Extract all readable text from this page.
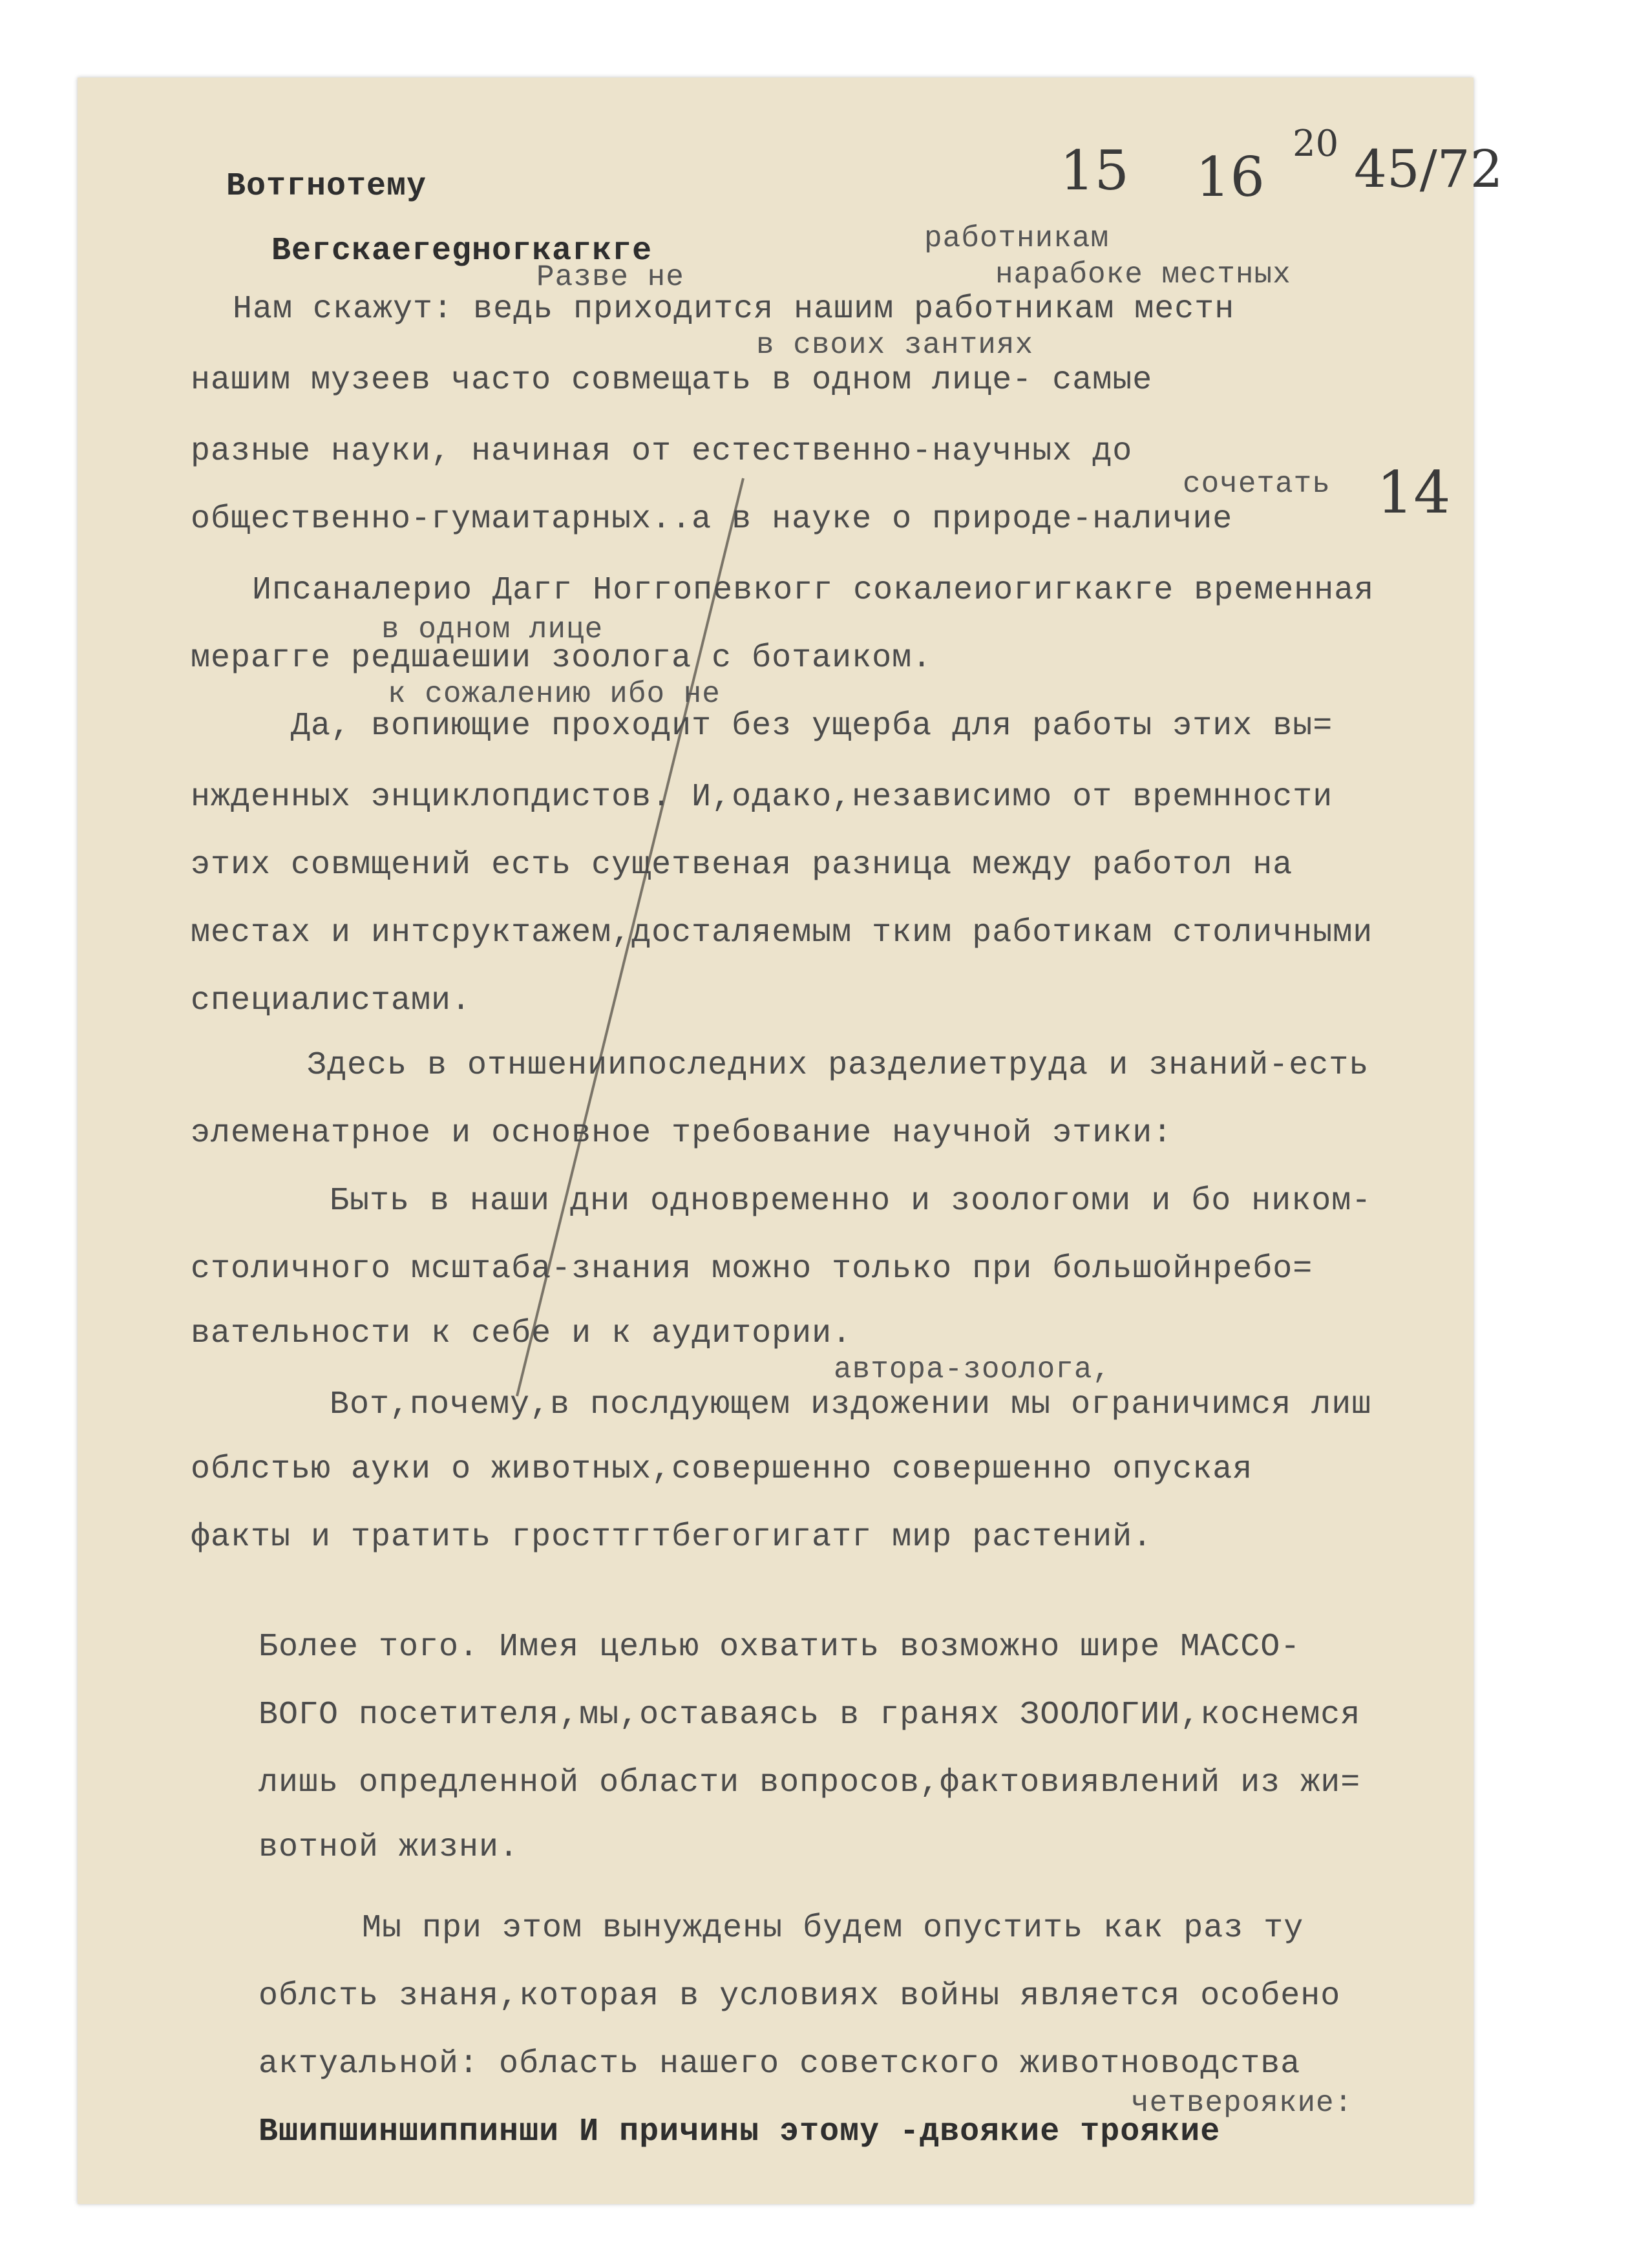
15 16
20 45/72
14
Вотгнотему
Вегскаегеgногкагкге	работникам
Разве не	нарабоке местных
Нам скажут: ведь приходится нашим работникам местн
в своих зантиях
нашим музеев часто совмещать в одном лице- самые
разные науки, начиная от естественно-научных до
сочетать
общественно-гумаитарных..а в науке о природе-наличие
Ипсаналерио Дагг Ноггопевкогг сокалеиогигкакге временная
в одном лице
мерагге редшаешии зоолога с ботаиком.
к сожалению ибо не
Да, вопиющие проходит без ущерба для работы этих вы=
нжденных энциклопдистов. И,одако,независимо от времнности
этих совмщений есть сущетвеная разница между работол на
местах и интсруктажем,досталяемым тким работикам столичными
специалистами.
Здесь в отншениипоследних разделиетруда и знаний-есть
элеменатрное и основное требование научной этики:
Быть в наши дни одновременно и зоологоми и бо ником-
столичного мсштаба-знания можно только при большойнребо=
вательности к себе и к аудитории.
автора-зоолога,
Вот,почему,в послдующем издожении мы ограничимся лиш
облстью ауки о животных,совершенно совершенно опуская
факты и тратить гросттгтбегогигатг мир растений.
Более того. Имея целью охватить возможно шире МАССО-
ВОГО посетителя,мы,оставаясь в гранях ЗООЛОГИИ,коснемся
лишь опредленной области вопросов,фактовиявлений из жи=
вотной жизни.
Мы при этом вынуждены будем опустить как раз ту
облсть знаня,которая в условиях войны является особено
актуальной: область нашего советского животноводства
четвероякие:
Вшипшиншиппинши И причины этому -двоякие троякие
